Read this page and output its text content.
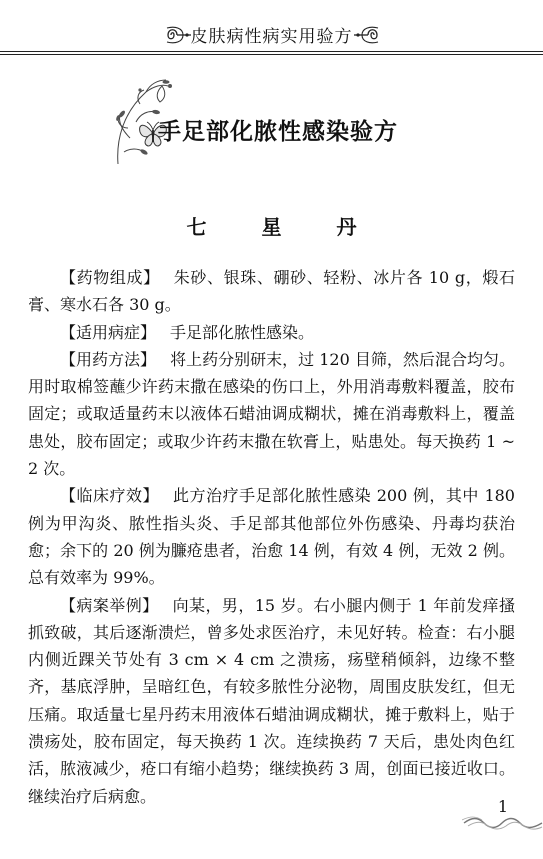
皮肤病性病实用验方
手足部化脓性感染验方
七 星 丹

【药物组成】 朱砂、银珠、硼砂、轻粉、冰片各 10 g，煅石膏、寒水石各 30 g。

【适用病症】 手足部化脓性感染。

【用药方法】 将上药分别研末，过 120 目筛，然后混合均匀。用时取棉签蘸少许药末撒在感染的伤口上，外用消毒敷料覆盖，胶布固定；或取适量药末以液体石蜡油调成糊状，摊在消毒敷料上，覆盖患处，胶布固定；或取少许药末撒在软膏上，贴患处。每天换药 1 ~ 2 次。

【临床疗效】 此方治疗手足部化脓性感染 200 例，其中 180 例为甲沟炎、脓性指头炎、手足部其他部位外伤感染、丹毒均获治愈；余下的 20 例为臁疮患者，治愈 14 例，有效 4 例，无效 2 例。总有效率为 99%。

【病案举例】 向某，男，15 岁。右小腿内侧于 1 年前发痒搔抓致破，其后逐渐溃烂，曾多处求医治疗，未见好转。检查：右小腿内侧近踝关节处有 3 cm × 4 cm 之溃疡，疡壁稍倾斜，边缘不整齐，基底浮肿，呈暗红色，有较多脓性分泌物，周围皮肤发红，但无压痛。取适量七星丹药末用液体石蜡油调成糊状，摊于敷料上，贴于溃疡处，胶布固定，每天换药 1 次。连续换药 7 天后，患处肉色红活，脓液减少，疮口有缩小趋势；继续换药 3 周，创面已接近收口。继续治疗后病愈。

1
